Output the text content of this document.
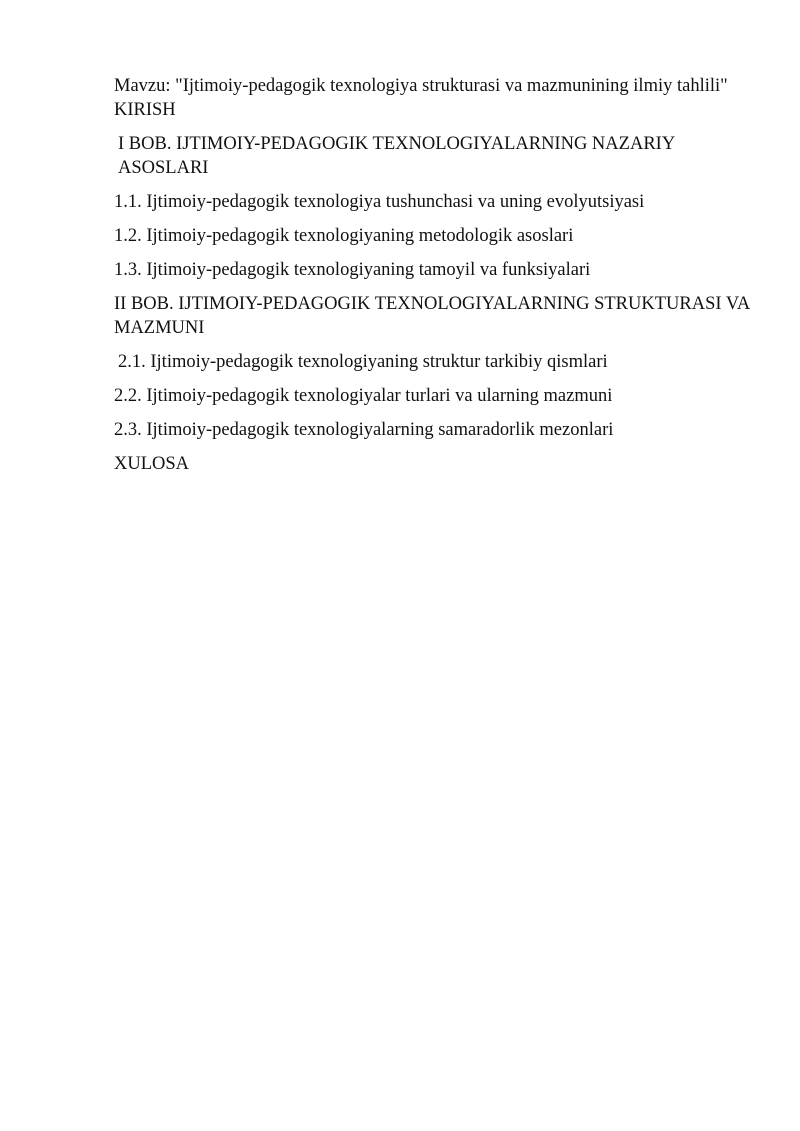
Mavzu: "Ijtimoiy-pedagogik texnologiya strukturasi va mazmunining ilmiy tahlili"

KIRISH

I BOB. IJTIMOIY-PEDAGOGIK TEXNOLOGIYALARNING NAZARIY ASOSLARI

1.1. Ijtimoiy-pedagogik texnologiya tushunchasi va uning evolyutsiyasi

1.2. Ijtimoiy-pedagogik texnologiyaning metodologik asoslari

1.3. Ijtimoiy-pedagogik texnologiyaning tamoyil va funksiyalari

II BOB. IJTIMOIY-PEDAGOGIK TEXNOLOGIYALARNING STRUKTURASI VA MAZMUNI

2.1. Ijtimoiy-pedagogik texnologiyaning struktur tarkibiy qismlari

2.2. Ijtimoiy-pedagogik texnologiyalar turlari va ularning mazmuni

2.3. Ijtimoiy-pedagogik texnologiyalarning samaradorlik mezonlari

XULOSA
